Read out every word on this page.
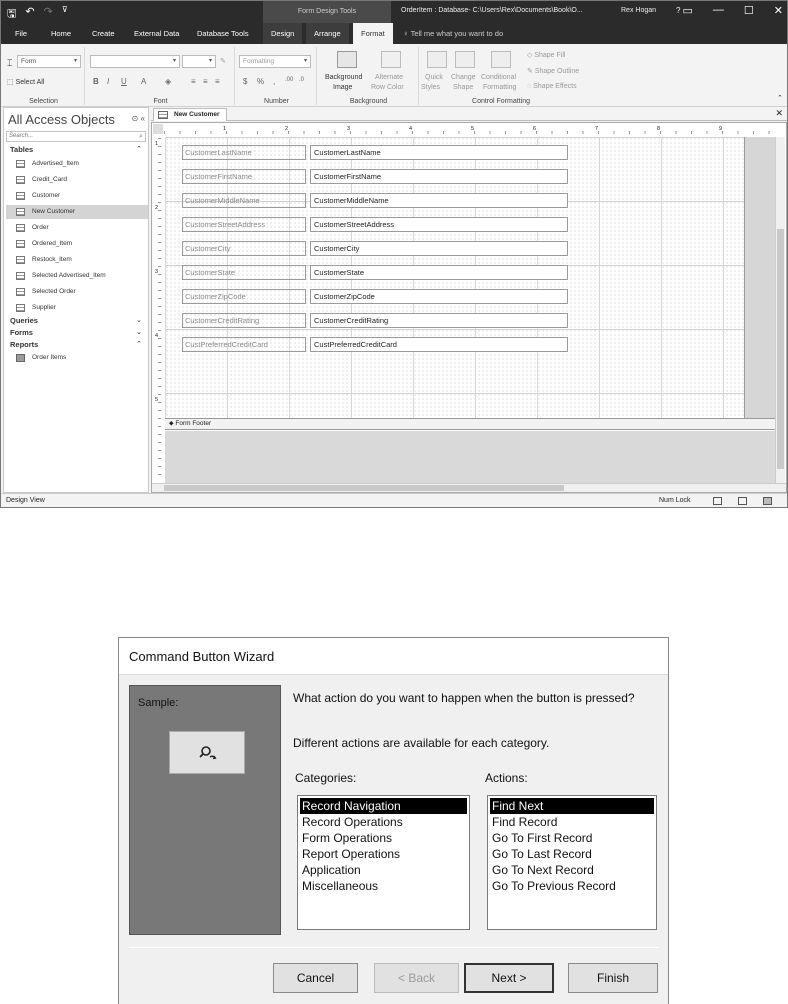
🖫 ↶ ↷ ⊽	Form Design Tools	OrderItem : Database- C:\Users\Rex\Documents\Book\O...	Rex Hogan ? ▭ — ☐ ✕
File	Home	Create	External Data	Database Tools	Design	Arrange	Format	♀ Tell me what you want to do
⌶	Form	▾
⬚ Select All
Selection
▾	▾ ✎
B I U A ◈ ≡ ≡ ≡
Font
Formatting	▾
$ % , .00 .0
Number
Background
Image
Alternate
Row Color
Background
Quick
Styles
Change
Shape
Conditional
Formatting
◇ Shape Fill
✎ Shape Outline
◌ Shape Effects
Control Formatting	⌃
All Access Objects ⊙ «
Search...	⌕
Tables	⌃
Advertised_Item
Credit_Card
Customer
New Customer
Order
Ordered_Item
Restock_Item
Selected Advertised_Item
Selected Order
Supplier
Queries	⌄
Forms	⌄
Reports	⌃
Order Items
New Customer	✕
1	2	3	4	5	6	7	8	9
1
2
3
4
5
CustomerLastName	CustomerLastName
CustomerFirstName	CustomerFirstName
CustomerMiddleName	CustomerMiddleName
CustomerStreetAddress	CustomerStreetAddress
CustomerCity	CustomerCity
CustomerState	CustomerState
CustomerZipCode	CustomerZipCode
CustomerCreditRating	CustomerCreditRating
CustPreferredCreditCard	CustPreferredCreditCard
⬥ Form Footer
Design View	Num Lock
Command Button Wizard
Sample:	What action do you want to happen when the button is pressed?
Different actions are available for each category.
Categories:	Actions:
Record Navigation
Record Operations
Form Operations
Report Operations
Application
Miscellaneous
Find Next
Find Record
Go To First Record
Go To Last Record
Go To Next Record
Go To Previous Record
Cancel	< Back	Next >	Finish
